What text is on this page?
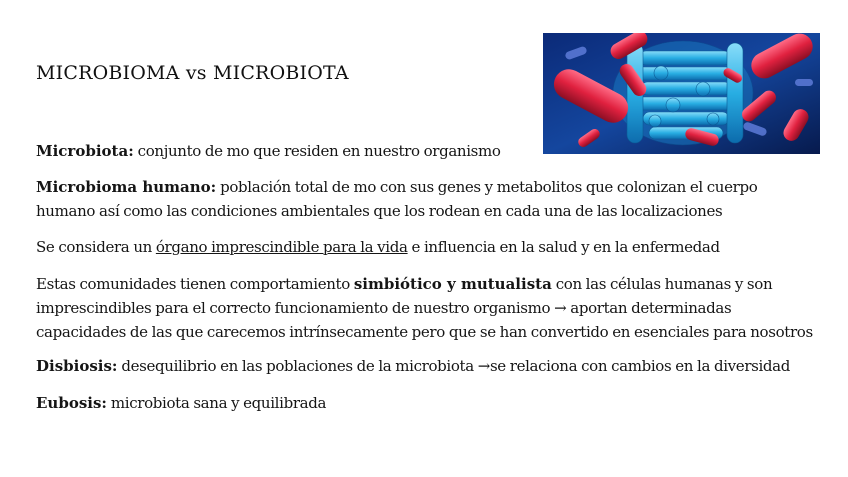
MICROBIOMA vs MICROBIOTA
Microbiota: conjunto de mo que residen en nuestro organismo
Microbioma humano: población total de mo con sus genes y metabolitos que colonizan el cuerpo humano así como las condiciones ambientales que los rodean en cada una de las localizaciones
Se considera un órgano imprescindible para la vida e influencia en la salud y en la enfermedad
Estas comunidades tienen comportamiento simbiótico y mutualista con las células humanas y son imprescindibles para el correcto funcionamiento de nuestro organismo → aportan determinadas capacidades de las que carecemos intrínsecamente pero que se han convertido en esenciales para nosotros
Disbiosis: desequilibrio en las poblaciones de la microbiota →se relaciona con cambios en la diversidad
Eubosis: microbiota sana y equilibrada
